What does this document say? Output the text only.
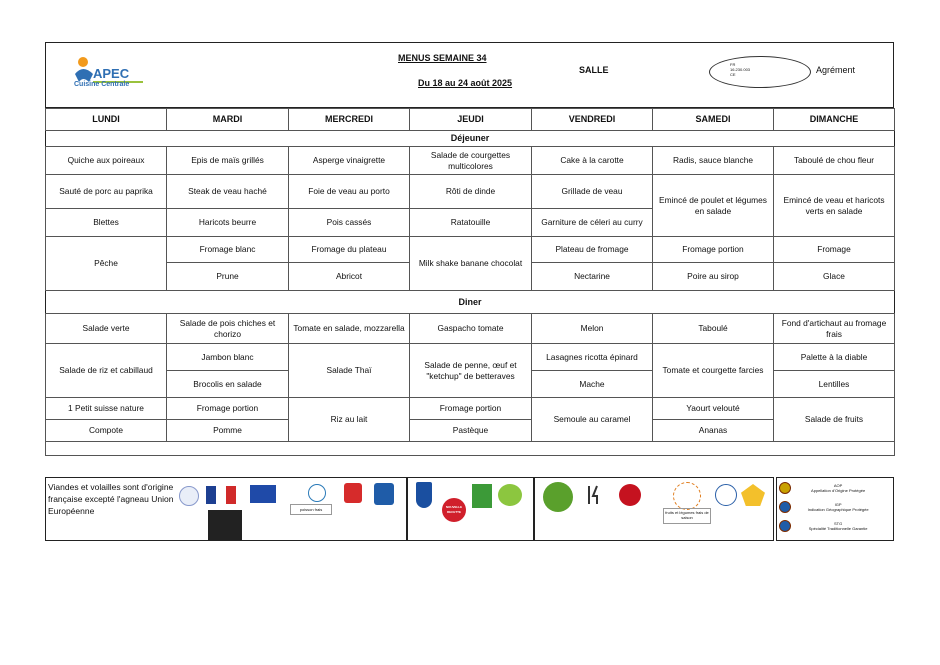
APEC
Cuisine Centrale
MENUS SEMAINE 34
Du 18 au 24 août 2025
SALLE
FR
16.230.003
CE	Agrément
LUNDI	MARDI	MERCREDI	JEUDI	VENDREDI	SAMEDI	DIMANCHE
Déjeuner						
Quiche aux poireaux	Epis de maïs grillés	Asperge vinaigrette	Salade de courgettes multicolores	Cake à la carotte	Radis, sauce blanche	Taboulé de chou fleur
Sauté de porc au paprika	Steak de veau haché	Foie de veau au porto	Rôti de dinde	Grillade de veau	Emincé de poulet et légumes en salade	Emincé de veau et haricots verts en salade
Blettes	Haricots beurre	Pois cassés	Ratatouille	Garniture de céleri au curry		
Pêche	Fromage blanc	Fromage du plateau	Milk shake banane chocolat	Plateau de fromage	Fromage portion	Fromage
	Prune	Abricot		Nectarine	Poire au sirop	Glace
Diner						
Salade verte	Salade de pois chiches et chorizo	Tomate en salade, mozzarella	Gaspacho tomate	Melon	Taboulé	Fond d'artichaut au fromage frais
Salade de riz et cabillaud	Jambon blanc	Salade Thaï	Salade de penne, œuf et "ketchup" de betteraves	Lasagnes ricotta épinard	Tomate et courgette farcies	Palette à la diable
	Brocolis en salade			Mache		Lentilles
1 Petit suisse nature	Fromage portion	Riz au lait	Fromage portion	Semoule au caramel	Yaourt velouté	Salade de fruits
Compote	Pomme		Pastèque		Ananas	

Viandes et volailles sont d'origine française excepté l'agneau Union Européenne	poisson frais	NOUVELLE RECETTE	fruits et légumes frais de saison
AOP
Appellation d'Origine Protégée
IGP
Indication Géographique Protégée
STG
Spécialité Traditionnelle Garantie
